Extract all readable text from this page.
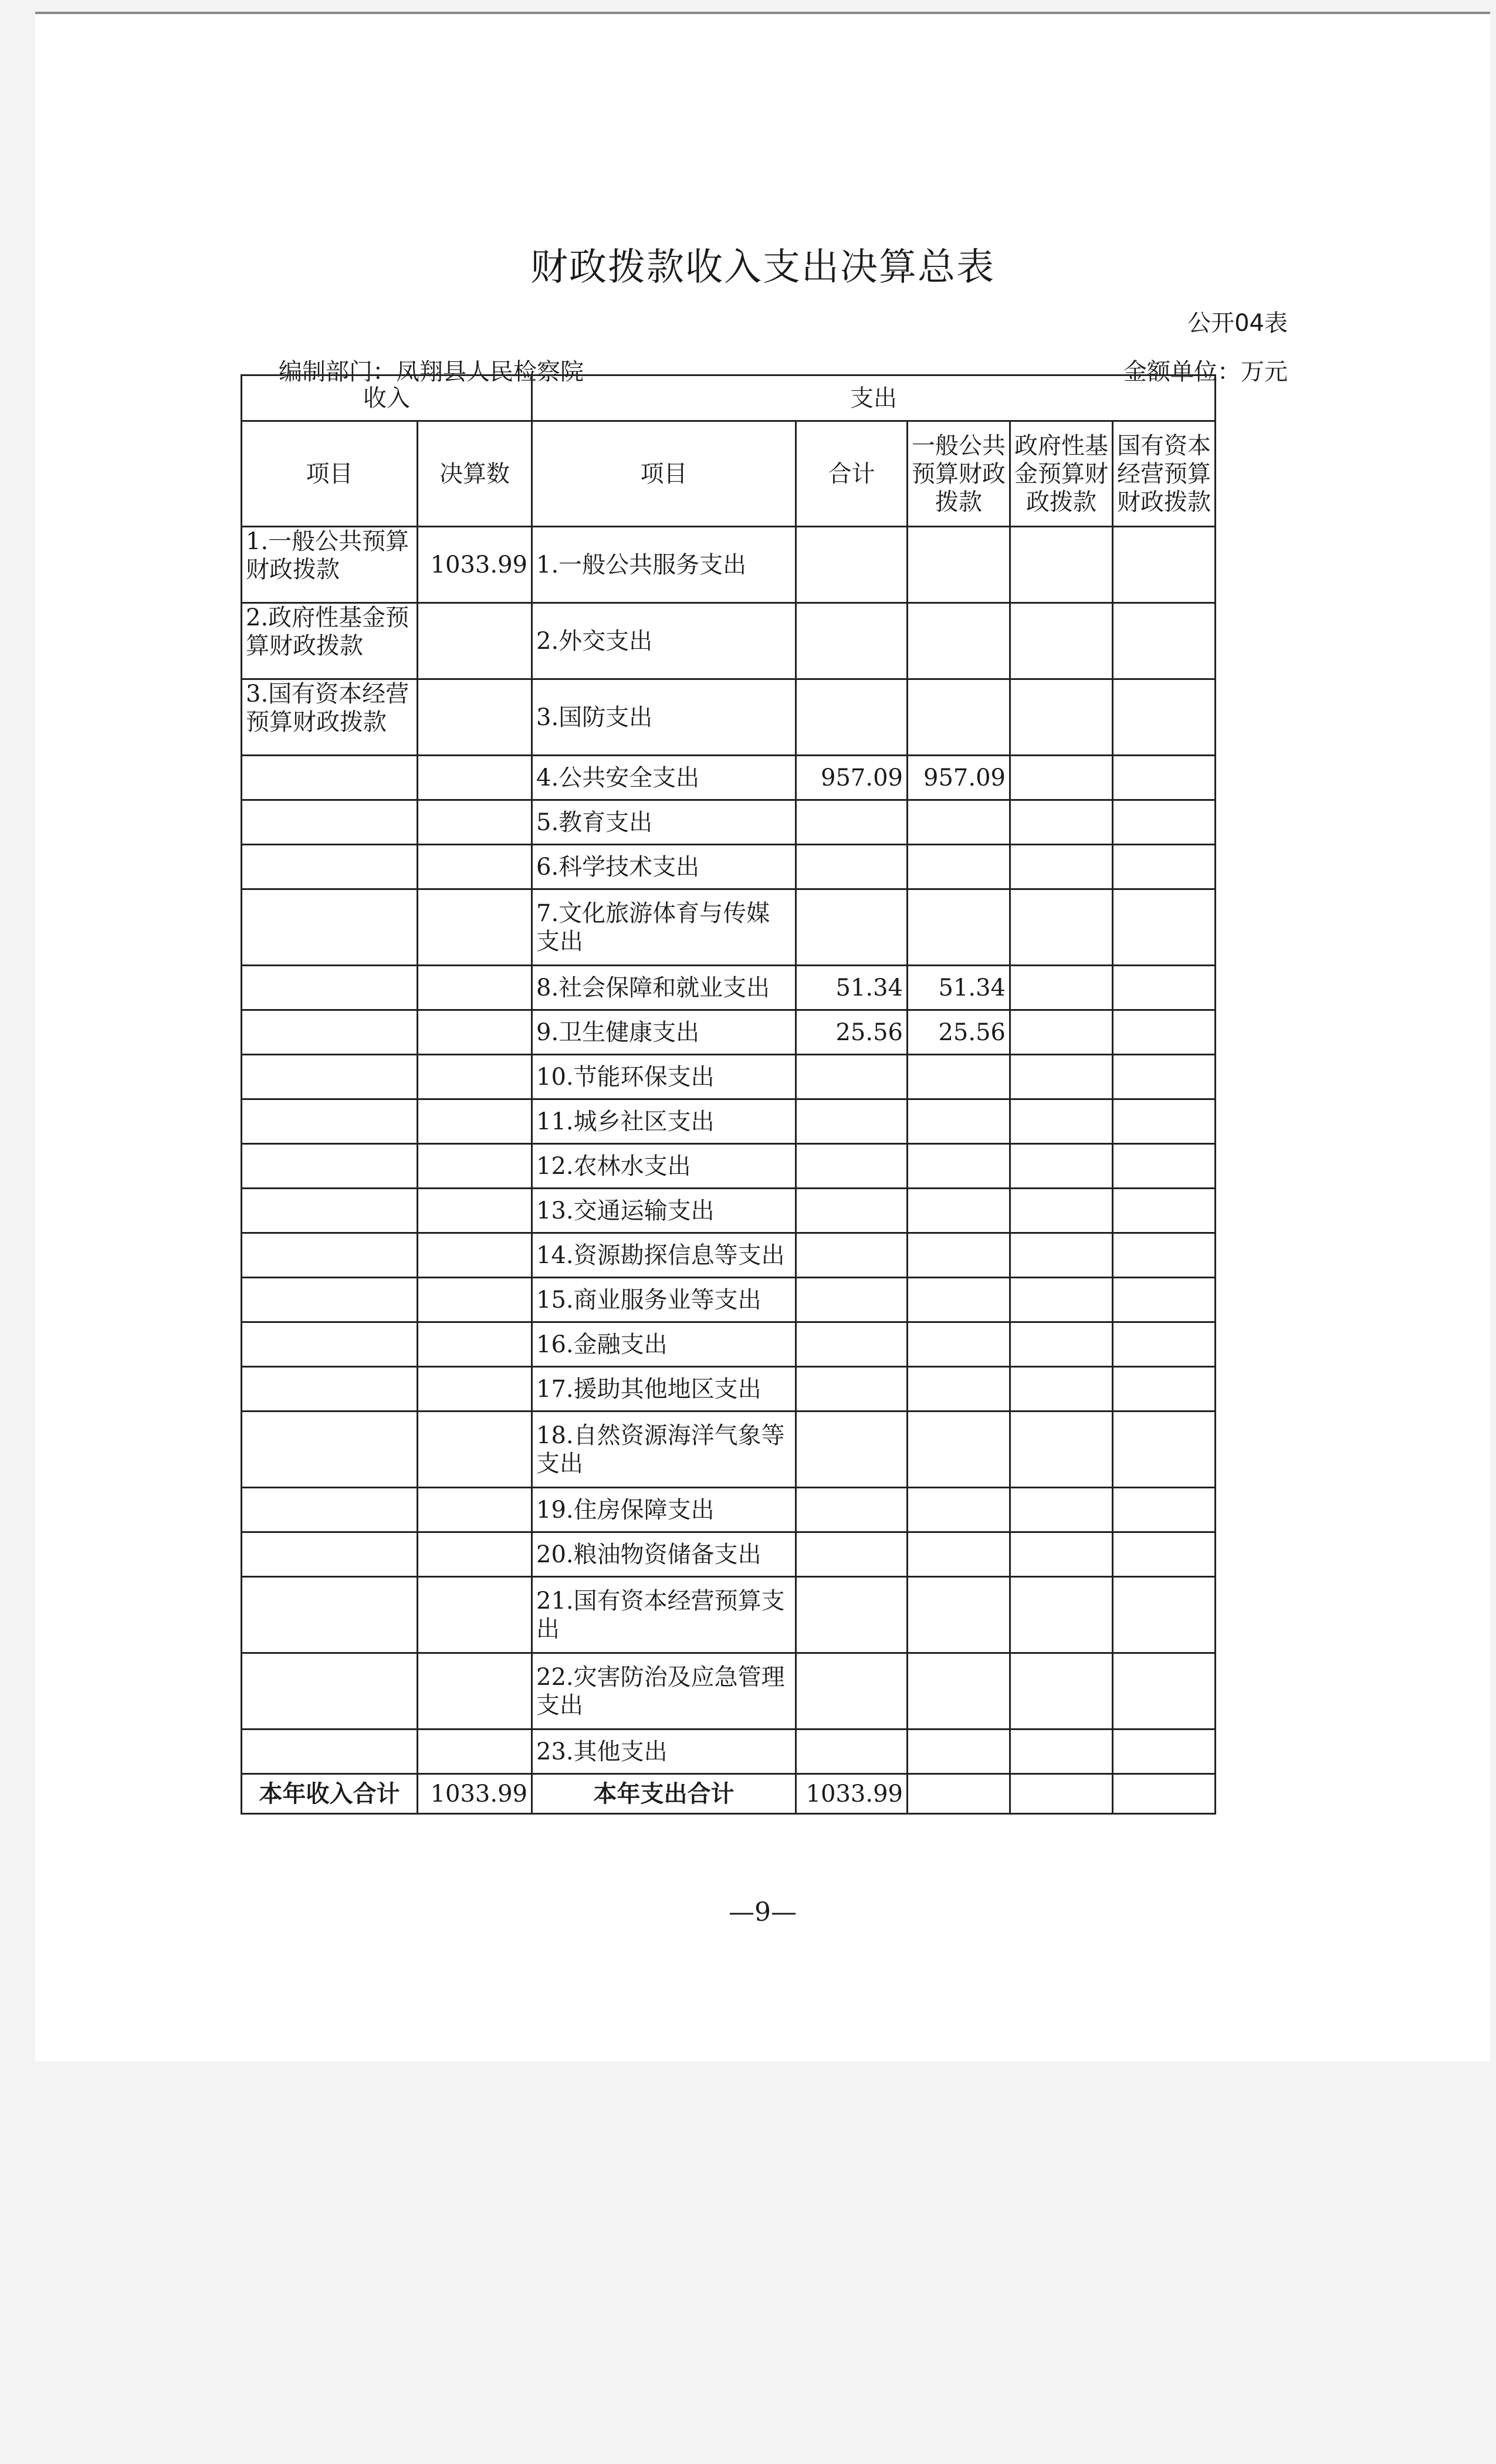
财政拨款收入支出决算总表
公开04表
编制部门：凤翔县人民检察院	金额单位：万元
—9—
收入		支出				
项目	决算数	项目	合计	一般公共预算财政拨款	政府性基金预算财政拨款	国有资本经营预算财政拨款
1.一般公共预算财政拨款	1033.99	1.一般公共服务支出				
2.政府性基金预算财政拨款		2.外交支出				
3.国有资本经营预算财政拨款		3.国防支出				
		4.公共安全支出	957.09	957.09		
		5.教育支出				
		6.科学技术支出				
		7.文化旅游体育与传媒支出				
		8.社会保障和就业支出	51.34	51.34		
		9.卫生健康支出	25.56	25.56		
		10.节能环保支出				
		11.城乡社区支出				
		12.农林水支出				
		13.交通运输支出				
		14.资源勘探信息等支出				
		15.商业服务业等支出				
		16.金融支出				
		17.援助其他地区支出				
		18.自然资源海洋气象等支出				
		19.住房保障支出				
		20.粮油物资储备支出				
		21.国有资本经营预算支出				
		22.灾害防治及应急管理支出				
		23.其他支出				
本年收入合计	1033.99	本年支出合计	1033.99			
